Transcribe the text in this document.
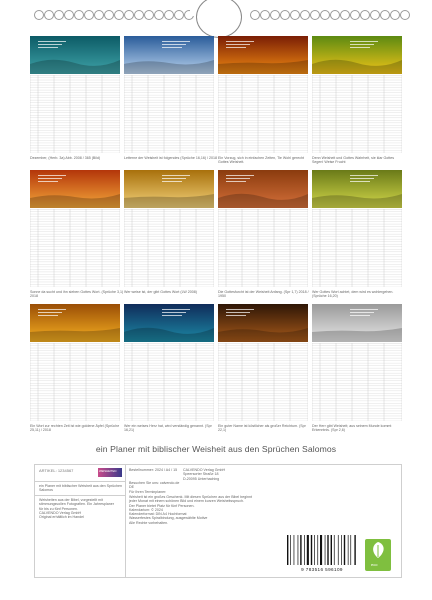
Dezember, (Herb. 3a) Abb. 2008 / 365 (Bild)	Letterne der Weisheit ist folgendes (Sprüche 16,16) / 2018 Ein Vorzug, sich in einfachen Zeiten, Tie Wohl gerecht Gottes Weisheit.
Denn Weisheit und Gottes Wahrheit, sie klar Gottes Segen! Weise Frucht
Sonne da sucht und ihn sieben Gottes Wort. (Sprüche 3,1) 2018
Wer weise ist, der gibt Gottes Wort (LW 2008)	Die Gottesfurcht ist der Weisheit Anfang. (Spr 1,7) 2018 / 1950
Wer Gottes Wort achtet, dem wird es wohlergehen. (Sprüche 16,20)
Ein Wort zur rechten Zeit ist wie goldene Äpfel (Sprüche 25,11) / 2018
Wer ein weises Herz hat, wird verständig genannt. (Spr 16,21)
Ein guter Name ist köstlicher als großer Reichtum. (Spr 22,1)
Der Herr gibt Weisheit; aus seinem Munde kommt Erkenntnis. (Spr 2,6)
ein Planer mit biblischer Weisheit aus den Sprüchen Salomos
ARTIKEL: 1234567	WEISHEITEN
ein Planer mit biblischer Weisheit aus den Sprüchen Salomos
Weisheiten aus der Bibel, vorgestellt mit
stimmungsvollen Fotografien. Ein Jahresplaner
für bis zu fünf Personen.
CALVENDO Verlag GmbH
Original erhältlich im Handel
Bestellnummer: 2024 / A4 / 15 CALVENDO Verlag GmbH
Speersorter Straße 18
D-20095 Unterhaching
Besuchen Sie uns: calvendo.de
DE
Für Ihren Terminplaner:
Weisheit ist ein großes Geschenk. Mit diesen Sprüchen aus der Bibel beginnt
jeder Monat mit einem schönen Bild und einem kurzen Weisheitsspruch.
Der Planer bietet Platz für fünf Personen.
Kalendarium: © 2024
Kalenderformat: DIN A4 Hochformat
Wasserfestes Spiralbindung, ausgewählte Motive
Alle Rechte vorbehalten.
9 783516 596109
eco
